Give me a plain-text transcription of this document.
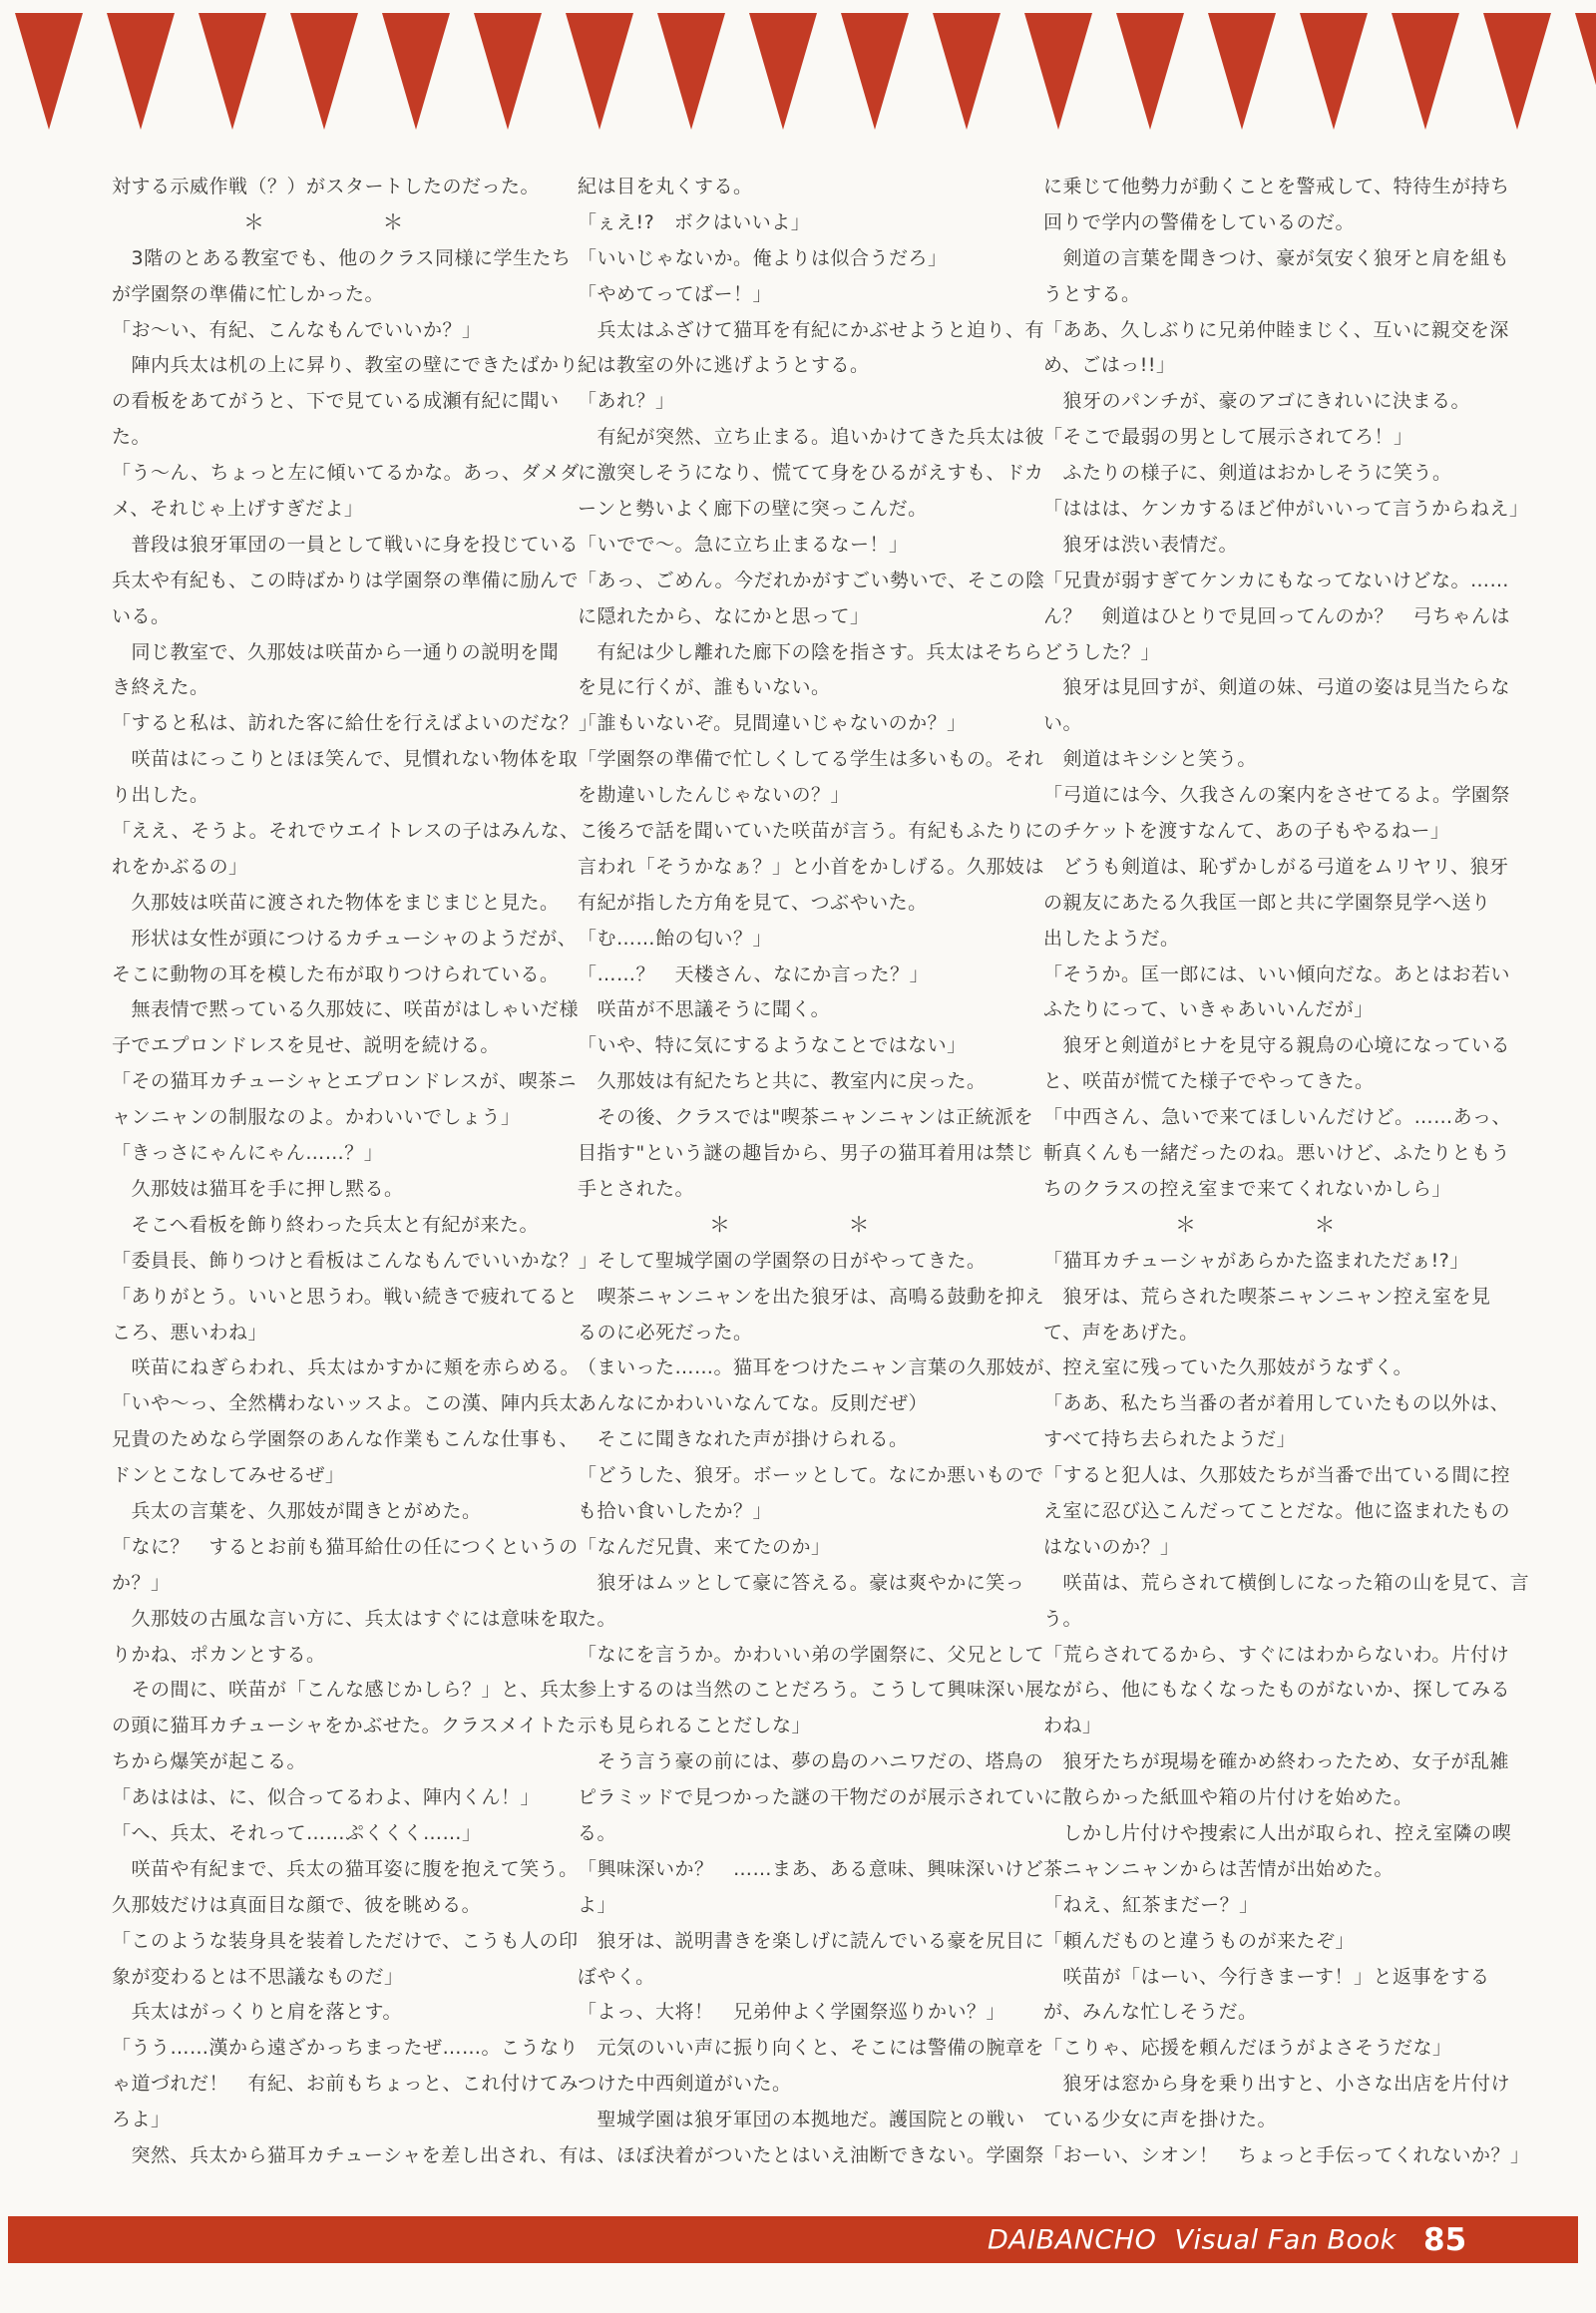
対する示威作戦（？）がスタートしたのだった。
＊	＊
　3階のとある教室でも、他のクラス同様に学生たち
が学園祭の準備に忙しかった。
「お～い、有紀、こんなもんでいいか？」
　陣内兵太は机の上に昇り、教室の壁にできたばかり
の看板をあてがうと、下で見ている成瀬有紀に聞い
た。
「う～ん、ちょっと左に傾いてるかな。あっ、ダメダ
メ、それじゃ上げすぎだよ」
　普段は狼牙軍団の一員として戦いに身を投じている
兵太や有紀も、この時ばかりは学園祭の準備に励んで
いる。
　同じ教室で、久那妓は咲苗から一通りの説明を聞
き終えた。
「すると私は、訪れた客に給仕を行えばよいのだな？」
　咲苗はにっこりとほほ笑んで、見慣れない物体を取
り出した。
「ええ、そうよ。それでウエイトレスの子はみんな、こ
れをかぶるの」
　久那妓は咲苗に渡された物体をまじまじと見た。
　形状は女性が頭につけるカチューシャのようだが、
そこに動物の耳を模した布が取りつけられている。
　無表情で黙っている久那妓に、咲苗がはしゃいだ様
子でエプロンドレスを見せ、説明を続ける。
「その猫耳カチューシャとエプロンドレスが、喫茶ニ
ャンニャンの制服なのよ。かわいいでしょう」
「きっさにゃんにゃん……？」
　久那妓は猫耳を手に押し黙る。
　そこへ看板を飾り終わった兵太と有紀が来た。
「委員長、飾りつけと看板はこんなもんでいいかな？」
「ありがとう。いいと思うわ。戦い続きで疲れてると
ころ、悪いわね」
　咲苗にねぎらわれ、兵太はかすかに頬を赤らめる。
「いや～っ、全然構わないッスよ。この漢、陣内兵太、
兄貴のためなら学園祭のあんな作業もこんな仕事も、
ドンとこなしてみせるぜ」
　兵太の言葉を、久那妓が聞きとがめた。
「なに？　するとお前も猫耳給仕の任につくというの
か？」
　久那妓の古風な言い方に、兵太はすぐには意味を取
りかね、ポカンとする。
　その間に、咲苗が「こんな感じかしら？」と、兵太
の頭に猫耳カチューシャをかぶせた。クラスメイトた
ちから爆笑が起こる。
「あははは、に、似合ってるわよ、陣内くん！」
「へ、兵太、それって……ぷくくく……」
　咲苗や有紀まで、兵太の猫耳姿に腹を抱えて笑う。
久那妓だけは真面目な顔で、彼を眺める。
「このような装身具を装着しただけで、こうも人の印
象が変わるとは不思議なものだ」
　兵太はがっくりと肩を落とす。
「うう……漢から遠ざかっちまったぜ……。こうなり
ゃ道づれだ！　有紀、お前もちょっと、これ付けてみ
ろよ」
　突然、兵太から猫耳カチューシャを差し出され、有
紀は目を丸くする。
「ぇえ!?　ボクはいいよ」
「いいじゃないか。俺よりは似合うだろ」
「やめてってばー！」
　兵太はふざけて猫耳を有紀にかぶせようと迫り、有
紀は教室の外に逃げようとする。
「あれ？」
　有紀が突然、立ち止まる。追いかけてきた兵太は彼
に激突しそうになり、慌てて身をひるがえすも、ドカ
ーンと勢いよく廊下の壁に突っこんだ。
「いでで～。急に立ち止まるなー！」
「あっ、ごめん。今だれかがすごい勢いで、そこの陰
に隠れたから、なにかと思って」
　有紀は少し離れた廊下の陰を指さす。兵太はそちら
を見に行くが、誰もいない。
「誰もいないぞ。見間違いじゃないのか？」
「学園祭の準備で忙しくしてる学生は多いもの。それ
を勘違いしたんじゃないの？」
　後ろで話を聞いていた咲苗が言う。有紀もふたりに
言われ「そうかなぁ？」と小首をかしげる。久那妓は
有紀が指した方角を見て、つぶやいた。
「む……飴の匂い？」
「……？　天楼さん、なにか言った？」
　咲苗が不思議そうに聞く。
「いや、特に気にするようなことではない」
　久那妓は有紀たちと共に、教室内に戻った。
　その後、クラスでは"喫茶ニャンニャンは正統派を
目指す"という謎の趣旨から、男子の猫耳着用は禁じ
手とされた。
＊	＊
　そして聖城学園の学園祭の日がやってきた。
　喫茶ニャンニャンを出た狼牙は、高鳴る鼓動を抑え
るのに必死だった。
（まいった……。猫耳をつけたニャン言葉の久那妓が、
あんなにかわいいなんてな。反則だぜ）
　そこに聞きなれた声が掛けられる。
「どうした、狼牙。ボーッとして。なにか悪いもので
も拾い食いしたか？」
「なんだ兄貴、来てたのか」
　狼牙はムッとして豪に答える。豪は爽やかに笑っ
た。
「なにを言うか。かわいい弟の学園祭に、父兄として
参上するのは当然のことだろう。こうして興味深い展
示も見られることだしな」
　そう言う豪の前には、夢の島のハニワだの、塔鳥の
ピラミッドで見つかった謎の干物だのが展示されてい
る。
「興味深いか？　……まあ、ある意味、興味深いけど
よ」
　狼牙は、説明書きを楽しげに読んでいる豪を尻目に
ぼやく。
「よっ、大将！　兄弟仲よく学園祭巡りかい？」
　元気のいい声に振り向くと、そこには警備の腕章を
つけた中西剣道がいた。
　聖城学園は狼牙軍団の本拠地だ。護国院との戦い
は、ほぼ決着がついたとはいえ油断できない。学園祭
に乗じて他勢力が動くことを警戒して、特待生が持ち
回りで学内の警備をしているのだ。
　剣道の言葉を聞きつけ、豪が気安く狼牙と肩を組も
うとする。
「ああ、久しぶりに兄弟仲睦まじく、互いに親交を深
め、ごはっ!!」
　狼牙のパンチが、豪のアゴにきれいに決まる。
「そこで最弱の男として展示されてろ！」
　ふたりの様子に、剣道はおかしそうに笑う。
「ははは、ケンカするほど仲がいいって言うからねえ」
　狼牙は渋い表情だ。
「兄貴が弱すぎてケンカにもなってないけどな。……
ん？　剣道はひとりで見回ってんのか？　弓ちゃんは
どうした？」
　狼牙は見回すが、剣道の妹、弓道の姿は見当たらな
い。
　剣道はキシシと笑う。
「弓道には今、久我さんの案内をさせてるよ。学園祭
のチケットを渡すなんて、あの子もやるねー」
　どうも剣道は、恥ずかしがる弓道をムリヤリ、狼牙
の親友にあたる久我匡一郎と共に学園祭見学へ送り
出したようだ。
「そうか。匡一郎には、いい傾向だな。あとはお若い
ふたりにって、いきゃあいいんだが」
　狼牙と剣道がヒナを見守る親鳥の心境になっている
と、咲苗が慌てた様子でやってきた。
「中西さん、急いで来てほしいんだけど。……あっ、
斬真くんも一緒だったのね。悪いけど、ふたりともう
ちのクラスの控え室まで来てくれないかしら」
＊	＊
「猫耳カチューシャがあらかた盗まれただぁ!?」
　狼牙は、荒らされた喫茶ニャンニャン控え室を見
て、声をあげた。
　控え室に残っていた久那妓がうなずく。
「ああ、私たち当番の者が着用していたもの以外は、
すべて持ち去られたようだ」
「すると犯人は、久那妓たちが当番で出ている間に控
え室に忍び込こんだってことだな。他に盗まれたもの
はないのか？」
　咲苗は、荒らされて横倒しになった箱の山を見て、言
う。
「荒らされてるから、すぐにはわからないわ。片付け
ながら、他にもなくなったものがないか、探してみる
わね」
　狼牙たちが現場を確かめ終わったため、女子が乱雑
に散らかった紙皿や箱の片付けを始めた。
　しかし片付けや捜索に人出が取られ、控え室隣の喫
茶ニャンニャンからは苦情が出始めた。
「ねえ、紅茶まだー？」
「頼んだものと違うものが来たぞ」
　咲苗が「はーい、今行きまーす！」と返事をする
が、みんな忙しそうだ。
「こりゃ、応援を頼んだほうがよさそうだな」
　狼牙は窓から身を乗り出すと、小さな出店を片付け
ている少女に声を掛けた。
「おーい、シオン！　ちょっと手伝ってくれないか？」
DAIBANCHO  Visual Fan Book 85
